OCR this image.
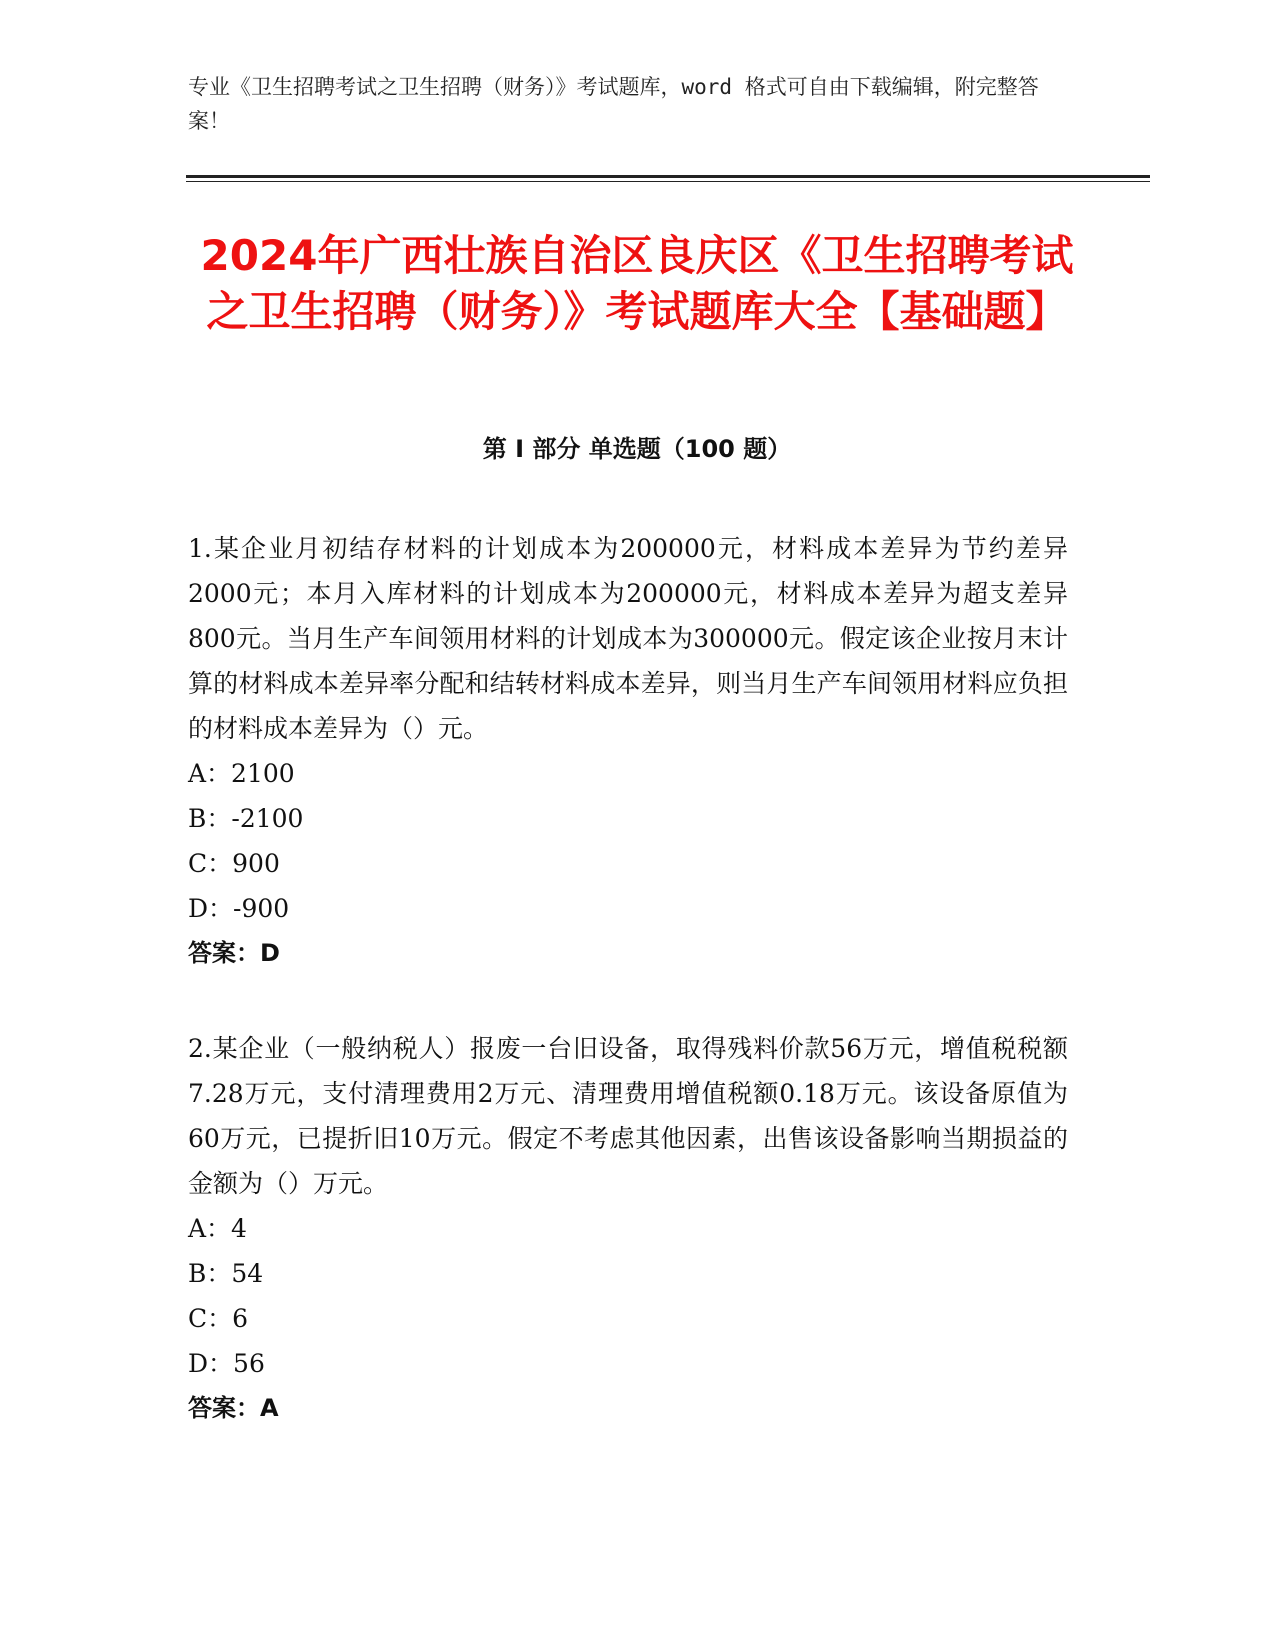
专业《卫生招聘考试之卫生招聘（财务）》考试题库，word 格式可自由下载编辑，附完整答案！
2024年广西壮族自治区良庆区《卫生招聘考试之卫生招聘（财务）》考试题库大全【基础题】
第 I 部分 单选题（100 题）

1.某企业月初结存材料的计划成本为200000元，材料成本差异为节约差异2000元；本月入库材料的计划成本为200000元，材料成本差异为超支差异800元。当月生产车间领用材料的计划成本为300000元。假定该企业按月末计算的材料成本差异率分配和结转材料成本差异，则当月生产车间领用材料应负担的材料成本差异为（）元。

A：2100
B：-2100
C：900
D：-900
答案：D

2.某企业（一般纳税人）报废一台旧设备，取得残料价款56万元，增值税税额7.28万元，支付清理费用2万元、清理费用增值税额0.18万元。该设备原值为60万元，已提折旧10万元。假定不考虑其他因素，出售该设备影响当期损益的金额为（）万元。

A：4
B：54
C：6
D：56
答案：A
